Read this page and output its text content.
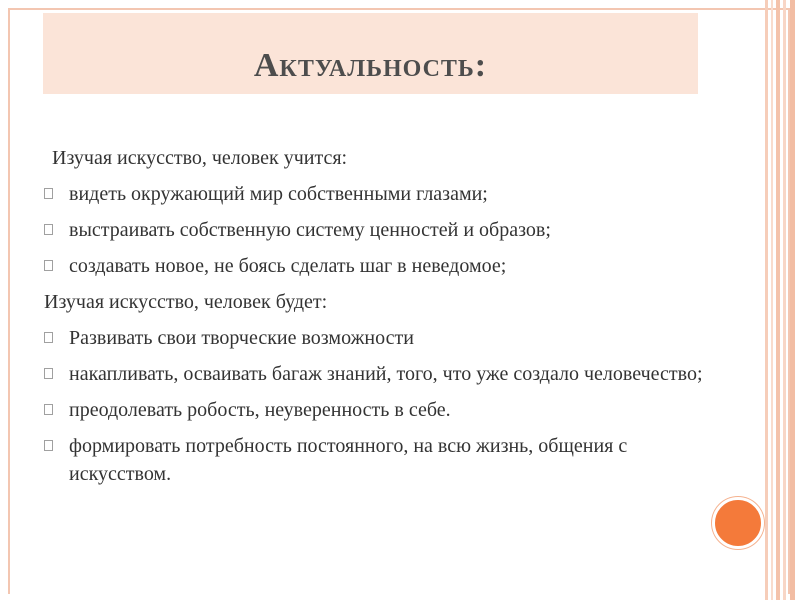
Актуальность:
Изучая искусство, человек учится:
видеть окружающий мир собственными глазами;
выстраивать собственную систему ценностей и образов;
создавать новое, не боясь сделать шаг в неведомое;
Изучая искусство, человек будет:
Развивать свои творческие возможности
накапливать, осваивать багаж знаний, того, что уже создало человечество;
преодолевать робость, неуверенность в себе.
формировать потребность постоянного, на всю жизнь, общения с искусством.
